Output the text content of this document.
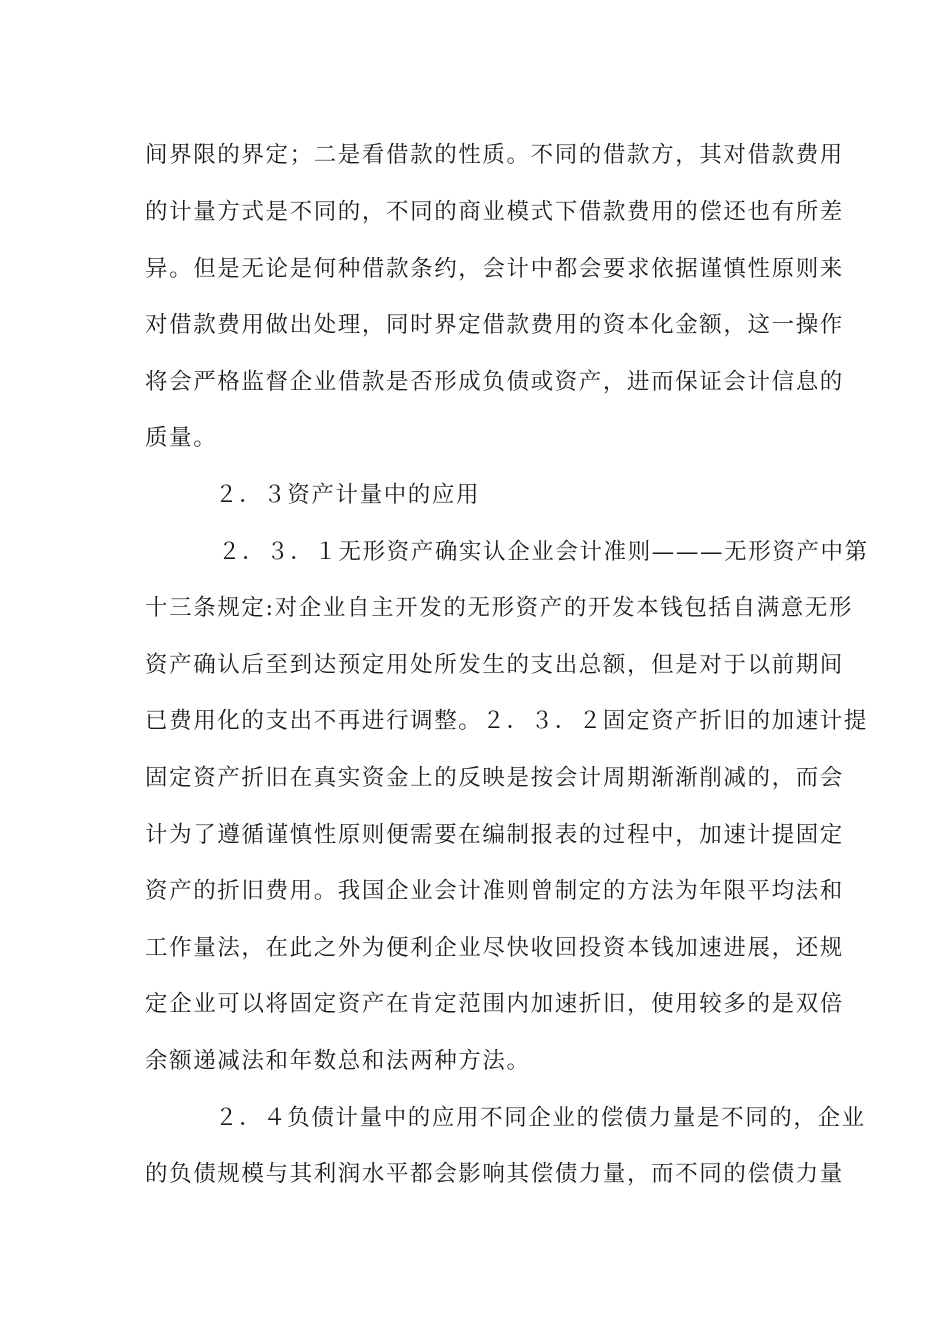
间界限的界定；二是看借款的性质。不同的借款方，其对借款费用
的计量方式是不同的，不同的商业模式下借款费用的偿还也有所差
异。但是无论是何种借款条约，会计中都会要求依据谨慎性原则来
对借款费用做出处理，同时界定借款费用的资本化金额，这一操作
将会严格监督企业借款是否形成负债或资产，进而保证会计信息的
质量。
２．３资产计量中的应用
２．３．１无形资产确实认企业会计准则———无形资产中第
十三条规定:对企业自主开发的无形资产的开发本钱包括自满意无形
资产确认后至到达预定用处所发生的支出总额，但是对于以前期间
已费用化的支出不再进行调整。２．３．２固定资产折旧的加速计提
固定资产折旧在真实资金上的反映是按会计周期渐渐削减的，而会
计为了遵循谨慎性原则便需要在编制报表的过程中，加速计提固定
资产的折旧费用。我国企业会计准则曾制定的方法为年限平均法和
工作量法，在此之外为便利企业尽快收回投资本钱加速进展，还规
定企业可以将固定资产在肯定范围内加速折旧，使用较多的是双倍
余额递减法和年数总和法两种方法。
２．４负债计量中的应用不同企业的偿债力量是不同的，企业
的负债规模与其利润水平都会影响其偿债力量，而不同的偿债力量
